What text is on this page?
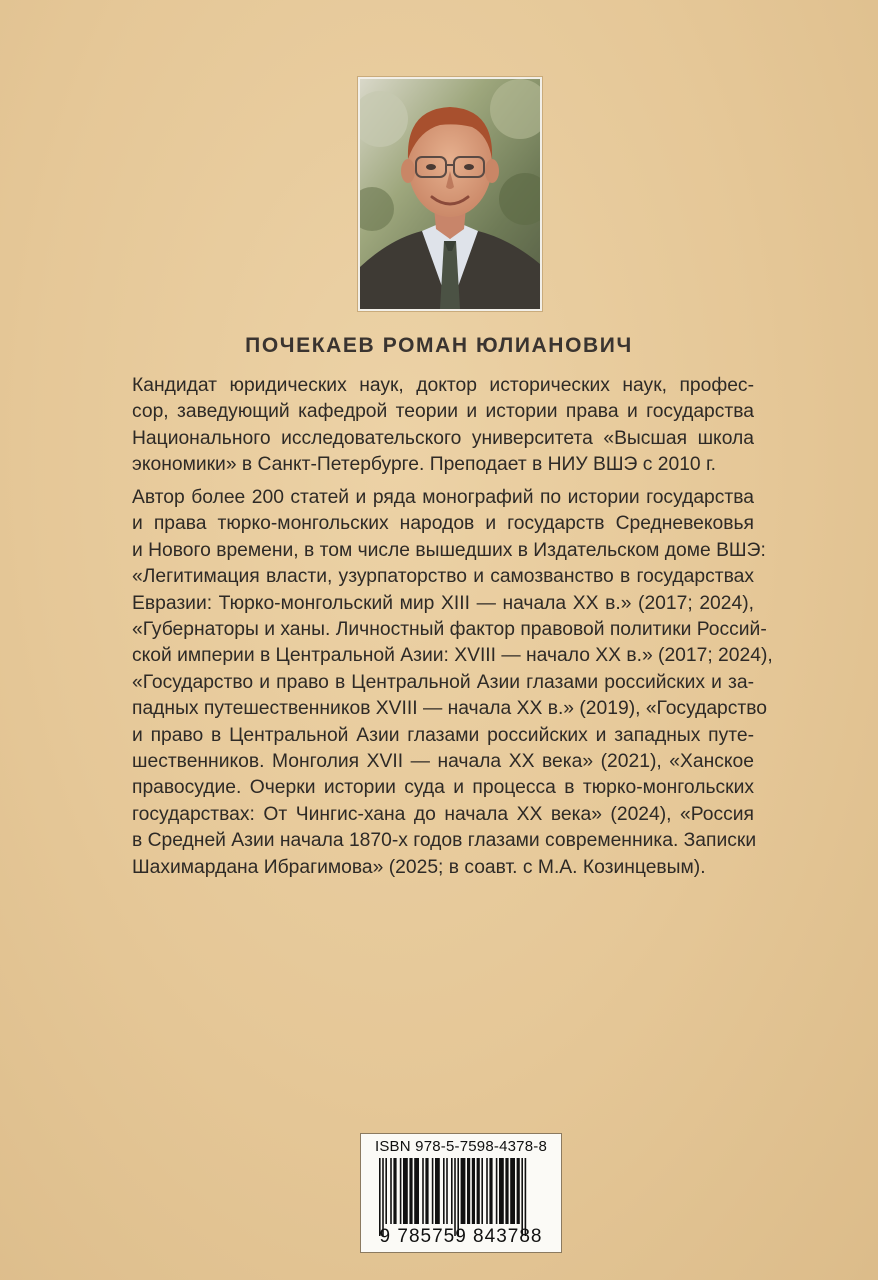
ПОЧЕКАЕВ РОМАН ЮЛИАНОВИЧ

Кандидат юридических наук, доктор исторических наук, профес-
сор, заведующий кафедрой теории и истории права и государства
Национального исследовательского университета «Высшая школа
экономики» в Санкт-Петербурге. Преподает в НИУ ВШЭ с 2010 г.

Автор более 200 статей и ряда монографий по истории государства
и права тюрко-монгольских народов и государств Средневековья
и Нового времени, в том числе вышедших в Издательском доме ВШЭ:
«Легитимация власти, узурпаторство и самозванство в государствах
Евразии: Тюрко-монгольский мир XIII — начала XX в.» (2017; 2024),
«Губернаторы и ханы. Личностный фактор правовой политики Россий-
ской империи в Центральной Азии: XVIII — начало XX в.» (2017; 2024),
«Государство и право в Центральной Азии глазами российских и за-
падных путешественников XVIII — начала XX в.» (2019), «Государство
и право в Центральной Азии глазами российских и западных путе-
шественников. Монголия XVII — начала XX века» (2021), «Ханское
правосудие. Очерки истории суда и процесса в тюрко-монгольских
государствах: От Чингис-хана до начала XX века» (2024), «Россия
в Средней Азии начала 1870-х годов глазами современника. Записки
Шахимардана Ибрагимова» (2025; в соавт. с М.А. Козинцевым).

ISBN 978-5-7598-4378-8
9 785759 843788
